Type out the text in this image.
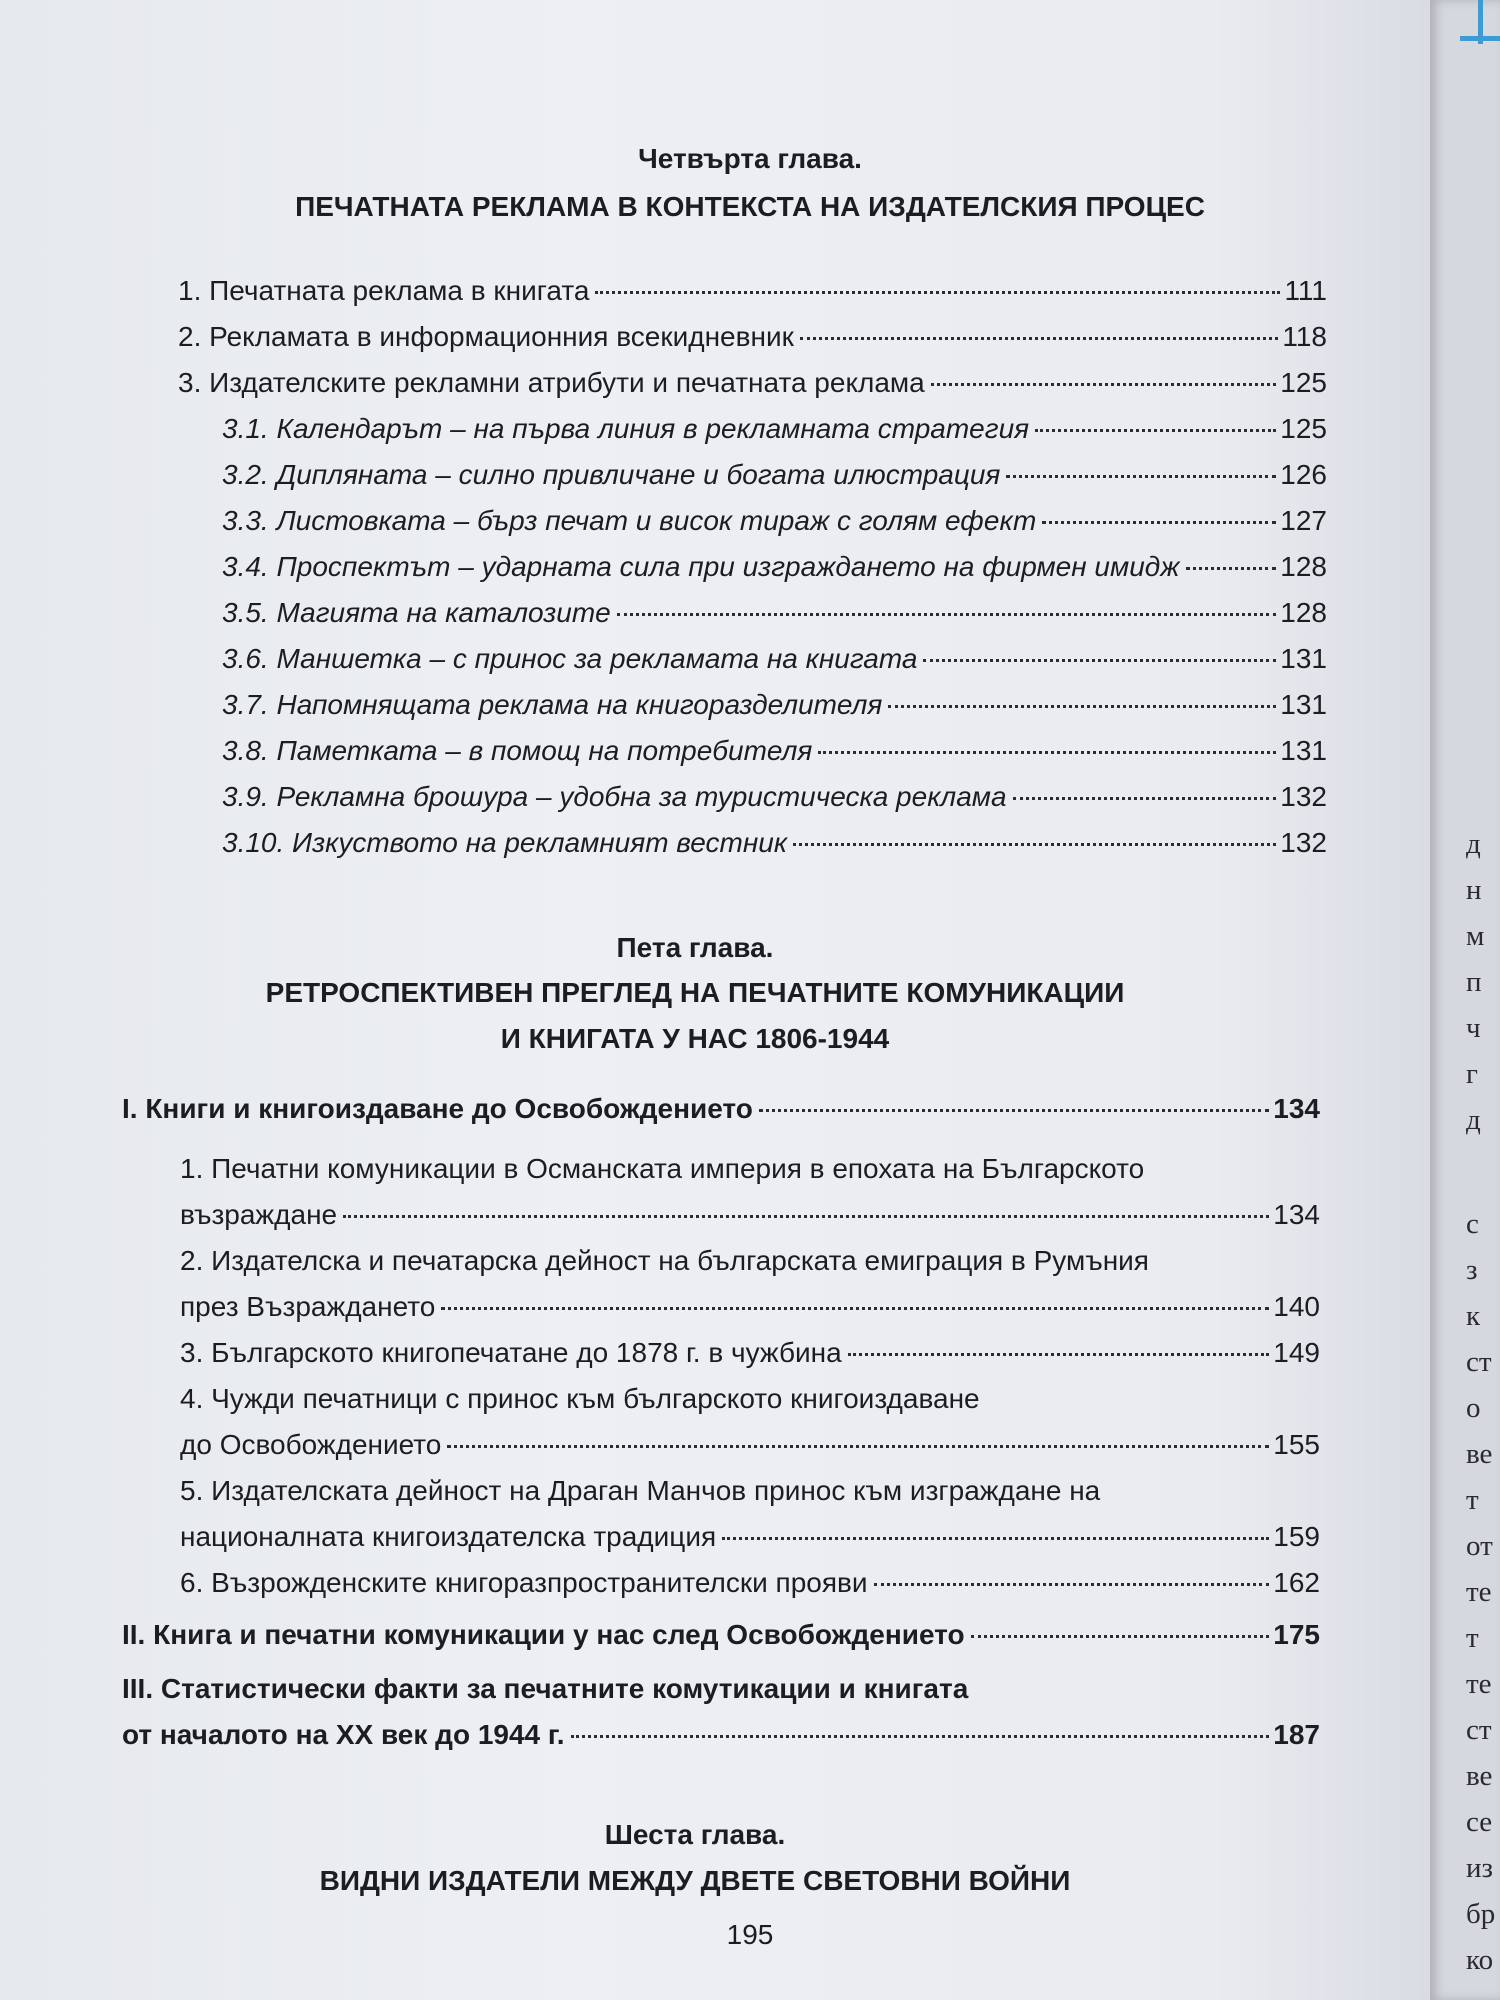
Четвърта глава.
ПЕЧАТНАТА РЕКЛАМА В КОНТЕКСТА НА ИЗДАТЕЛСКИЯ ПРОЦЕС
1. Печатната реклама в книгата	111
2. Рекламата в информационния всекидневник	118
3. Издателските рекламни атрибути и печатната реклама	125
3.1. Календарът – на първа линия в рекламната стратегия	125
3.2. Дипляната – силно привличане и богата илюстрация	126
3.3. Листовката – бърз печат и висок тираж с голям ефект	127
3.4. Проспектът – ударната сила при изграждането на фирмен имидж	128
3.5. Магията на каталозите	128
3.6. Маншетка – с принос за рекламата на книгата	131
3.7. Напомнящата реклама на книгоразделителя	131
3.8. Паметката – в помощ на потребителя	131
3.9. Рекламна брошура – удобна за туристическа реклама	132
3.10. Изкуството на рекламният вестник	132
Пета глава.
РЕТРОСПЕКТИВЕН ПРЕГЛЕД НА ПЕЧАТНИТЕ КОМУНИКАЦИИ
И КНИГАТА У НАС 1806-1944
I. Книги и книгоиздаване до Освобождението	134
1. Печатни комуникации в Османската империя в епохата на Българското
възраждане	134
2. Издателска и печатарска дейност на българската емиграция в Румъния
през Възраждането	140
3. Българското книгопечатане до 1878 г. в чужбина	149
4. Чужди печатници с принос към българското книгоиздаване
до Освобождението	155
5. Издателската дейност на Драган Манчов принос към изграждане на
националната книгоиздателска традиция	159
6. Възрожденските книгоразпространителски прояви	162
II. Книга и печатни комуникации у нас след Освобождението	175
III. Статистически факти за печатните комутикации и книгата
от началото на XX век до 1944 г.	187
Шеста глава.
ВИДНИ ИЗДАТЕЛИ МЕЖДУ ДВЕТЕ СВЕТОВНИ ВОЙНИ
195
д
н
м
п
ч
г
д
с
з
к
ст
о
ве
т
от
те
т
те
ст
ве
се
из
бр
ко
